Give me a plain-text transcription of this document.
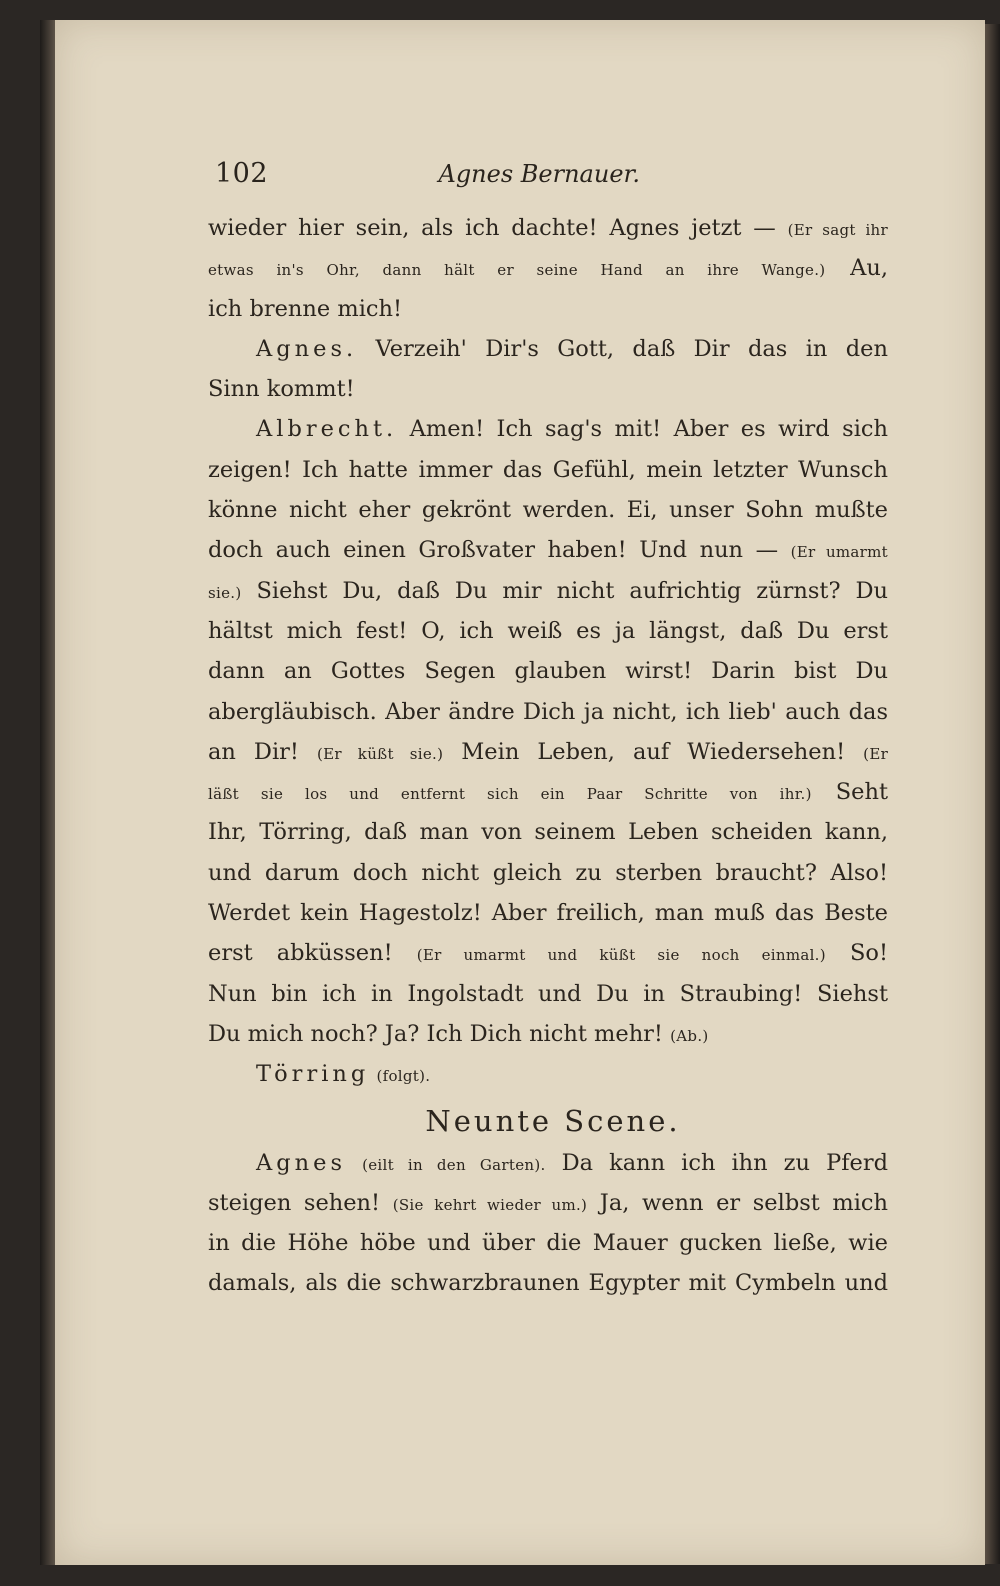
102	Agnes Bernauer.
wieder hier sein, als ich dachte! Agnes jetzt — (Er sagt ihr
etwas in's Ohr, dann hält er seine Hand an ihre Wange.) Au,
ich brenne mich!
Agnes. Verzeih' Dir's Gott, daß Dir das in den
Sinn kommt!
Albrecht. Amen! Ich sag's mit! Aber es wird sich
zeigen! Ich hatte immer das Gefühl, mein letzter Wunsch
könne nicht eher gekrönt werden. Ei, unser Sohn mußte
doch auch einen Großvater haben! Und nun — (Er umarmt
sie.) Siehst Du, daß Du mir nicht aufrichtig zürnst? Du
hältst mich fest! O, ich weiß es ja längst, daß Du erst
dann an Gottes Segen glauben wirst! Darin bist Du
abergläubisch. Aber ändre Dich ja nicht, ich lieb' auch das
an Dir! (Er küßt sie.) Mein Leben, auf Wiedersehen! (Er
läßt sie los und entfernt sich ein Paar Schritte von ihr.) Seht
Ihr, Törring, daß man von seinem Leben scheiden kann,
und darum doch nicht gleich zu sterben braucht? Also!
Werdet kein Hagestolz! Aber freilich, man muß das Beste
erst abküssen! (Er umarmt und küßt sie noch einmal.) So!
Nun bin ich in Ingolstadt und Du in Straubing! Siehst
Du mich noch? Ja? Ich Dich nicht mehr! (Ab.)
Törring (folgt).
Neunte Scene.
Agnes (eilt in den Garten). Da kann ich ihn zu Pferd
steigen sehen! (Sie kehrt wieder um.) Ja, wenn er selbst mich
in die Höhe höbe und über die Mauer gucken ließe, wie
damals, als die schwarzbraunen Egypter mit Cymbeln und
